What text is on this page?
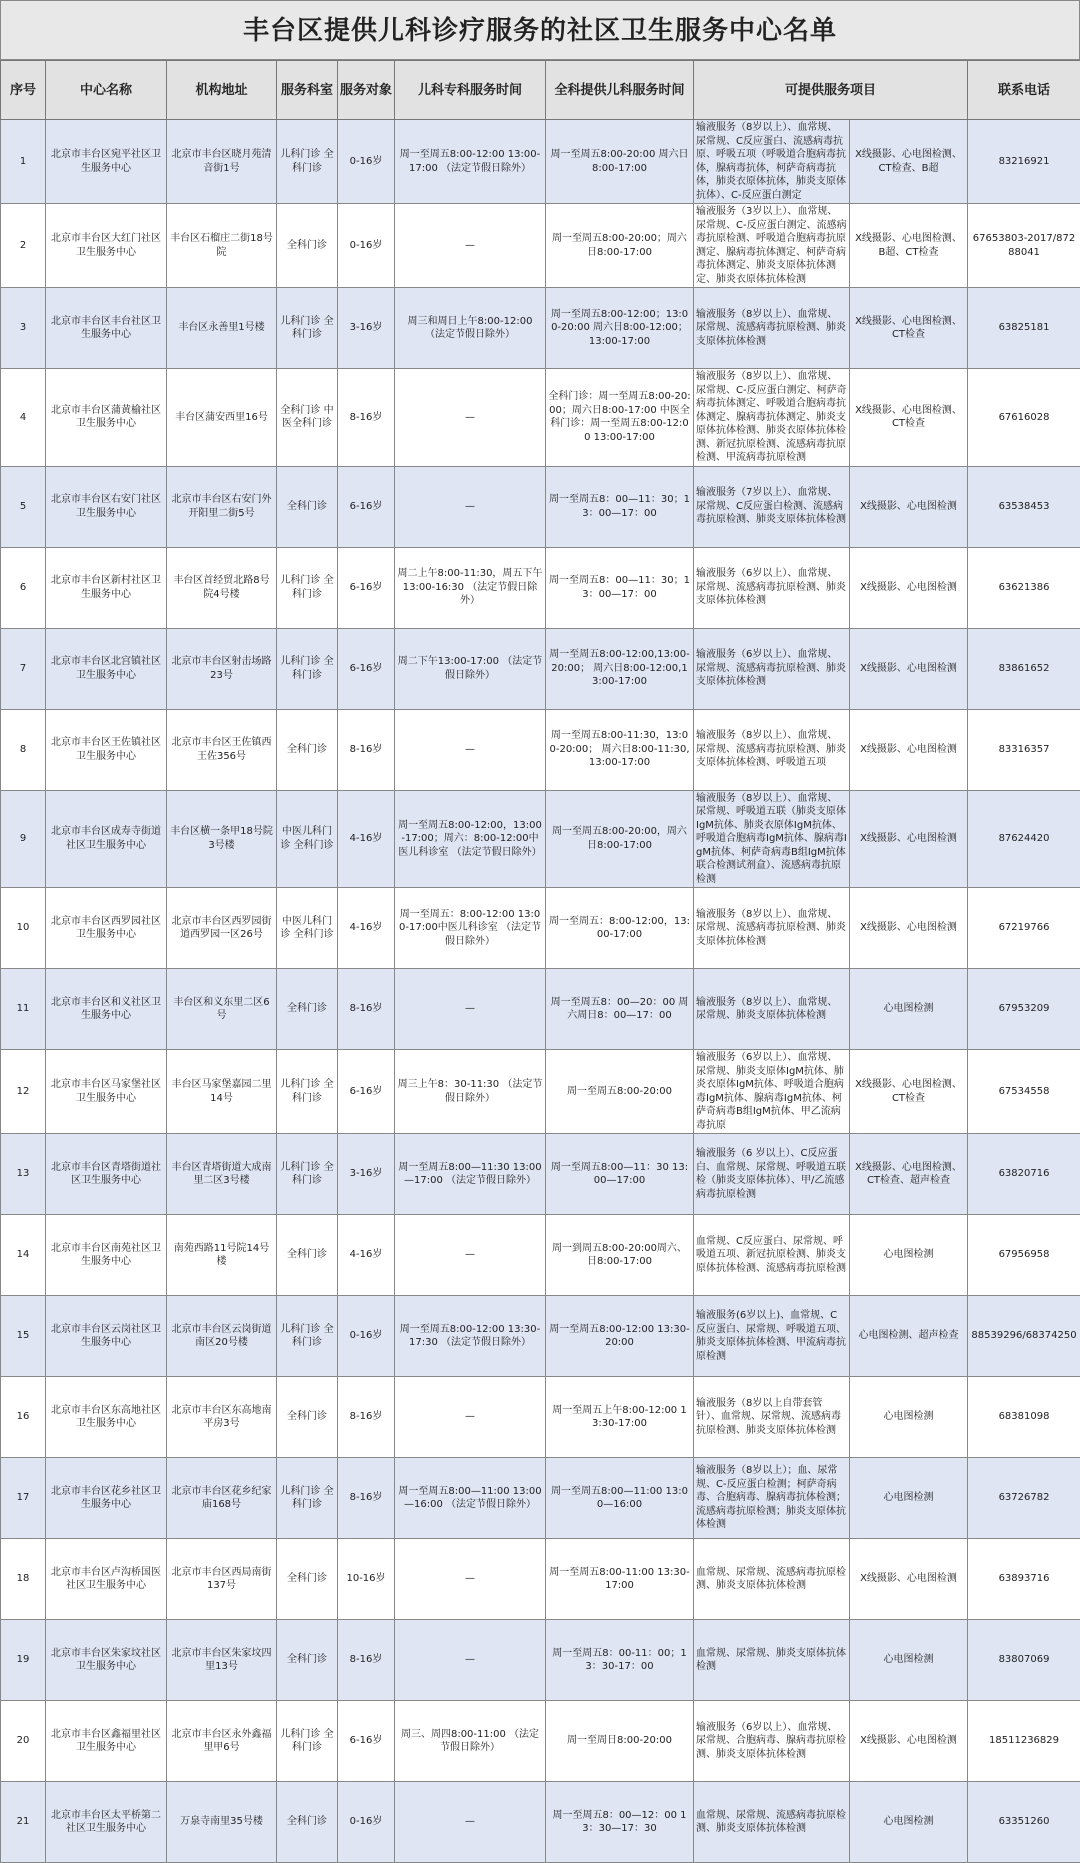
丰台区提供儿科诊疗服务的社区卫生服务中心名单
序号	中心名称	机构地址	服务科室	服务对象	儿科专科服务时间	全科提供儿科服务时间	可提供服务项目		联系电话
1	北京市丰台区宛平社区卫生服务中心	北京市丰台区晓月苑清音街1号	儿科门诊 全科门诊	0-16岁	周一至周五8:00-12:00 13:00-17:00 （法定节假日除外）	周一至周五8:00-20:00 周六日8:00-17:00	输液服务（8岁以上）、血常规、尿常规、C反应蛋白、流感病毒抗原、呼吸五项（呼吸道合胞病毒抗体，腺病毒抗体，柯萨奇病毒抗体，肺炎衣原体抗体，肺炎支原体抗体）、C-反应蛋白测定	X线摄影、心电图检测、CT检查、B超	83216921
2	北京市丰台区大红门社区卫生服务中心	丰台区石榴庄二街18号院	全科门诊	0-16岁	—	周一至周五8:00-20:00；周六日8:00-17:00	输液服务（3岁以上）、血常规、尿常规、C-反应蛋白测定、流感病毒抗原检测、呼吸道合胞病毒抗原测定、腺病毒抗体测定、柯萨奇病毒抗体测定、肺炎支原体抗体测定、肺炎衣原体抗体检测	X线摄影、心电图检测、B超、CT检查	67653803-2017/87288041
3	北京市丰台区丰台社区卫生服务中心	丰台区永善里1号楼	儿科门诊 全科门诊	3-16岁	周三和周日上午8:00-12:00 （法定节假日除外）	周一至周五8:00-12:00；13:00-20:00 周六日8:00-12:00；13:00-17:00	输液服务（8岁以上）、血常规、尿常规、流感病毒抗原检测、肺炎支原体抗体检测	X线摄影、心电图检测、CT检查	63825181
4	北京市丰台区蒲黄榆社区卫生服务中心	丰台区蒲安西里16号	全科门诊 中医全科门诊	8-16岁	—	全科门诊：周一至周五8:00-20:00；周六日8:00-17:00 中医全科门诊：周一至周五8:00-12:00 13:00-17:00	输液服务（8岁以上）、血常规、尿常规、C-反应蛋白测定、柯萨奇病毒抗体测定、呼吸道合胞病毒抗体测定、腺病毒抗体测定、肺炎支原体抗体检测、肺炎衣原体抗体检测、新冠抗原检测、流感病毒抗原检测、甲流病毒抗原检测	X线摄影、心电图检测、CT检查	67616028
5	北京市丰台区右安门社区卫生服务中心	北京市丰台区右安门外开阳里二街5号	全科门诊	6-16岁	—	周一至周五8：00—11：30；13：00—17：00	输液服务（7岁以上）、血常规、尿常规、C反应蛋白检测、流感病毒抗原检测、肺炎支原体抗体检测	X线摄影、心电图检测	63538453
6	北京市丰台区新村社区卫生服务中心	丰台区首经贸北路8号院4号楼	儿科门诊 全科门诊	6-16岁	周二上午8:00-11:30，周五下午13:00-16:30 （法定节假日除外）	周一至周五8：00—11：30；13：00—17：00	输液服务（6岁以上）、血常规、尿常规、流感病毒抗原检测、肺炎支原体抗体检测	X线摄影、心电图检测	63621386
7	北京市丰台区北宫镇社区卫生服务中心	北京市丰台区射击场路23号	儿科门诊 全科门诊	6-16岁	周二下午13:00-17:00 （法定节假日除外）	周一至周五8:00-12:00,13:00-20:00； 周六日8:00-12:00,13:00-17:00	输液服务（6岁以上）、血常规、尿常规、流感病毒抗原检测、肺炎支原体抗体检测	X线摄影、心电图检测	83861652
8	北京市丰台区王佐镇社区卫生服务中心	北京市丰台区王佐镇西王佐356号	全科门诊	8-16岁	—	周一至周五8:00-11:30，13:00-20:00； 周六日8:00-11:30,13:00-17:00	输液服务（8岁以上）、血常规、尿常规、流感病毒抗原检测、肺炎支原体抗体检测、呼吸道五项	X线摄影、心电图检测	83316357
9	北京市丰台区成寿寺街道社区卫生服务中心	丰台区横一条甲18号院3号楼	中医儿科门诊 全科门诊	4-16岁	周一至周五8:00-12:00，13:00-17:00；周六：8:00-12:00中医儿科诊室 （法定节假日除外）	周一至周五8:00-20:00，周六日8:00-17:00	输液服务（8岁以上）、血常规、尿常规、呼吸道五联（肺炎支原体IgM抗体、肺炎衣原体IgM抗体、呼吸道合胞病毒IgM抗体、腺病毒IgM抗体、柯萨奇病毒B组IgM抗体联合检测试剂盒）、流感病毒抗原检测	X线摄影、心电图检测	87624420
10	北京市丰台区西罗园社区卫生服务中心	北京市丰台区西罗园街道西罗园一区26号	中医儿科门诊 全科门诊	4-16岁	周一至周五：8:00-12:00 13:00-17:00中医儿科诊室 （法定节假日除外）	周一至周五：8:00-12:00，13:00-17:00	输液服务（8岁以上）、血常规、尿常规、流感病毒抗原检测、肺炎支原体抗体检测	X线摄影、心电图检测	67219766
11	北京市丰台区和义社区卫生服务中心	丰台区和义东里二区6号	全科门诊	8-16岁	—	周一至周五8：00—20：00 周六周日8：00—17：00	输液服务（8岁以上）、血常规、尿常规、肺炎支原体抗体检测	心电图检测	67953209
12	北京市丰台区马家堡社区卫生服务中心	丰台区马家堡嘉园二里14号	儿科门诊 全科门诊	6-16岁	周三上午8：30-11:30 （法定节假日除外）	周一至周五8:00-20:00	输液服务（6岁以上）、血常规、尿常规、肺炎支原体IgM抗体、肺炎衣原体IgM抗体、呼吸道合胞病毒IgM抗体、腺病毒IgM抗体、柯萨奇病毒B组IgM抗体、甲乙流病毒抗原	X线摄影、心电图检测、CT检查	67534558
13	北京市丰台区青塔街道社区卫生服务中心	丰台区青塔街道大成南里二区3号楼	儿科门诊 全科门诊	3-16岁	周一至周五8:00—11:30 13:00—17:00 （法定节假日除外）	周一至周五8:00—11：30 13:00—17:00	输液服务（6 岁以上）、C反应蛋白、血常规、尿常规、呼吸道五联检（肺炎支原体抗体）、甲/乙流感病毒抗原检测	X线摄影、心电图检测、CT检查、超声检查	63820716
14	北京市丰台区南苑社区卫生服务中心	南苑西路11号院14号楼	全科门诊	4-16岁	—	周一到周五8:00-20:00周六、日8:00-17:00	血常规、C反应蛋白、尿常规、呼吸道五项、新冠抗原检测、肺炎支原体抗体检测、流感病毒抗原检测	心电图检测	67956958
15	北京市丰台区云岗社区卫生服务中心	北京市丰台区云岗街道南区20号楼	儿科门诊 全科门诊	0-16岁	周一至周五8:00-12:00 13:30-17:30 （法定节假日除外）	周一至周五8:00-12:00 13:30-20:00	输液服务(6岁以上)、血常规、C反应蛋白、尿常规、呼吸道五项、肺炎支原体抗体检测、甲流病毒抗原检测	心电图检测、超声检查	88539296/68374250
16	北京市丰台区东高地社区卫生服务中心	北京市丰台区东高地南平房3号	全科门诊	8-16岁	—	周一至周五上午8:00-12:00 13:30-17:00	输液服务（8岁以上自带套管针）、血常规、尿常规、流感病毒抗原检测、肺炎支原体抗体检测	心电图检测	68381098
17	北京市丰台区花乡社区卫生服务中心	北京市丰台区花乡纪家庙168号	儿科门诊 全科门诊	8-16岁	周一至周五8:00—11:00 13:00—16:00 （法定节假日除外）	周一至周五8:00—11:00 13:00—16:00	输液服务（8岁以上）；血、尿常规、C-反应蛋白检测；柯萨奇病毒、合胞病毒、腺病毒抗体检测；流感病毒抗原检测；肺炎支原体抗体检测	心电图检测	63726782
18	北京市丰台区卢沟桥国医社区卫生服务中心	北京市丰台区西局南街137号	全科门诊	10-16岁	—	周一至周五8:00-11:00 13:30-17:00	血常规、尿常规、流感病毒抗原检测、肺炎支原体抗体检测	X线摄影、心电图检测	63893716
19	北京市丰台区朱家坟社区卫生服务中心	北京市丰台区朱家坟四里13号	全科门诊	8-16岁	—	周一至周五8：00-11：00；13：30-17：00	血常规、尿常规、肺炎支原体抗体检测	心电图检测	83807069
20	北京市丰台区鑫福里社区卫生服务中心	北京市丰台区永外鑫福里甲6号	儿科门诊 全科门诊	6-16岁	周三、周四8:00-11:00 （法定节假日除外）	周一至周日8:00-20:00	输液服务（6岁以上）、血常规、尿常规、合胞病毒、腺病毒抗原检测、肺炎支原体抗体检测	X线摄影、心电图检测	18511236829
21	北京市丰台区太平桥第二社区卫生服务中心	万泉寺南里35号楼	全科门诊	0-16岁	—	周一至周五8：00—12：00 13：30—17：30	血常规、尿常规、流感病毒抗原检测、肺炎支原体抗体检测	心电图检测	63351260
